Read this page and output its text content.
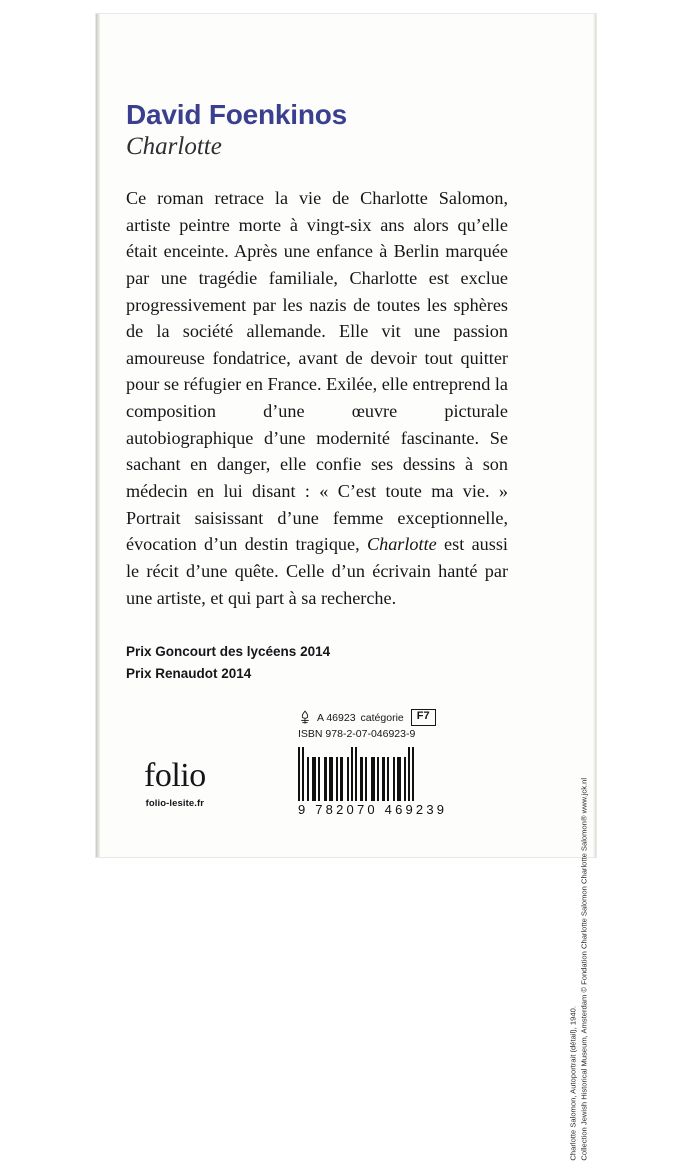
David Foenkinos
Charlotte

Ce roman retrace la vie de Charlotte Salomon, artiste peintre morte à vingt-six ans alors qu’elle était enceinte. Après une enfance à Berlin marquée par une tragédie familiale, Charlotte est exclue progressivement par les nazis de toutes les sphères de la société allemande. Elle vit une passion amoureuse fondatrice, avant de devoir tout quitter pour se réfugier en France. Exilée, elle entreprend la composition d’une œuvre picturale autobiographique d’une modernité fascinante. Se sachant en danger, elle confie ses dessins à son médecin en lui disant : « C’est toute ma vie. » Portrait saisissant d’une femme exceptionnelle, évocation d’un destin tragique, Charlotte est aussi le récit d’une quête. Celle d’un écrivain hanté par une artiste, et qui part à sa recherche.

Prix Goncourt des lycéens 2014
Prix Renaudot 2014
folio
folio-lesite.fr
A 46923 catégorie	F7
ISBN 978-2-07-046923-9
9 782070 469239
Charlotte Salomon, Autoportrait (détail), 1940. Collection Jewish Historical Museum, Amsterdam © Fondation Charlotte Salomon Charlotte Salomon® www.jck.nl
